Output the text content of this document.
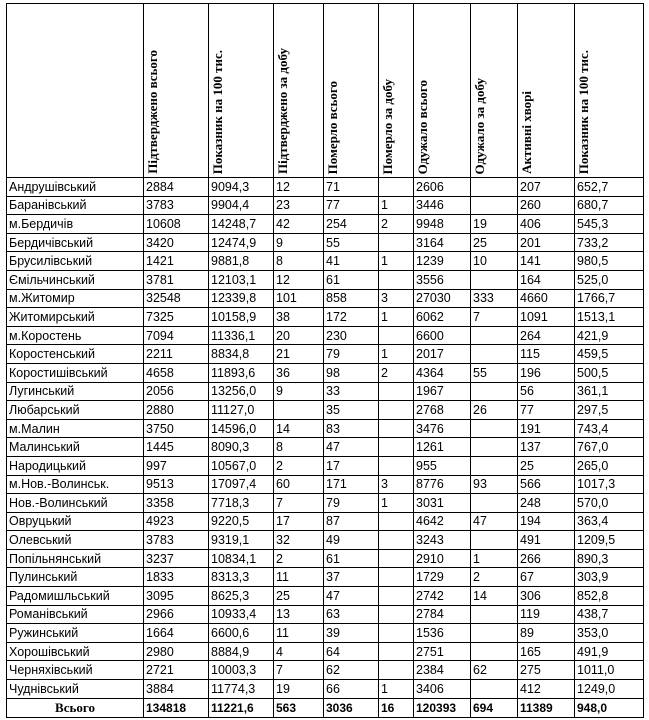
	Підтверджено всього	Показник на 100 тис.	Підтверджено за добу	Померло всього	Померло за добу	Одужало всього	Одужало за добу	Активні хворі	Показник на 100 тис.
Андрушівський	2884	9094,3	12	71		2606		207	652,7
Баранівський	3783	9904,4	23	77	1	3446		260	680,7
м.Бердичів	10608	14248,7	42	254	2	9948	19	406	545,3
Бердичівський	3420	12474,9	9	55		3164	25	201	733,2
Брусилівський	1421	9881,8	8	41	1	1239	10	141	980,5
Ємільчинський	3781	12103,1	12	61		3556		164	525,0
м.Житомир	32548	12339,8	101	858	3	27030	333	4660	1766,7
Житомирський	7325	10158,9	38	172	1	6062	7	1091	1513,1
м.Коростень	7094	11336,1	20	230		6600		264	421,9
Коростенський	2211	8834,8	21	79	1	2017		115	459,5
Коростишівський	4658	11893,6	36	98	2	4364	55	196	500,5
Лугинський	2056	13256,0	9	33		1967		56	361,1
Любарський	2880	11127,0		35		2768	26	77	297,5
м.Малин	3750	14596,0	14	83		3476		191	743,4
Малинський	1445	8090,3	8	47		1261		137	767,0
Народицький	997	10567,0	2	17		955		25	265,0
м.Нов.-Волинськ.	9513	17097,4	60	171	3	8776	93	566	1017,3
Нов.-Волинський	3358	7718,3	7	79	1	3031		248	570,0
Овруцький	4923	9220,5	17	87		4642	47	194	363,4
Олевський	3783	9319,1	32	49		3243		491	1209,5
Попільнянський	3237	10834,1	2	61		2910	1	266	890,3
Пулинський	1833	8313,3	11	37		1729	2	67	303,9
Радомишльський	3095	8625,3	25	47		2742	14	306	852,8
Романівський	2966	10933,4	13	63		2784		119	438,7
Ружинський	1664	6600,6	11	39		1536		89	353,0
Хорошівський	2980	8884,9	4	64		2751		165	491,9
Черняхівський	2721	10003,3	7	62		2384	62	275	1011,0
Чуднівський	3884	11774,3	19	66	1	3406		412	1249,0
Всього	134818	11221,6	563	3036	16	120393	694	11389	948,0
